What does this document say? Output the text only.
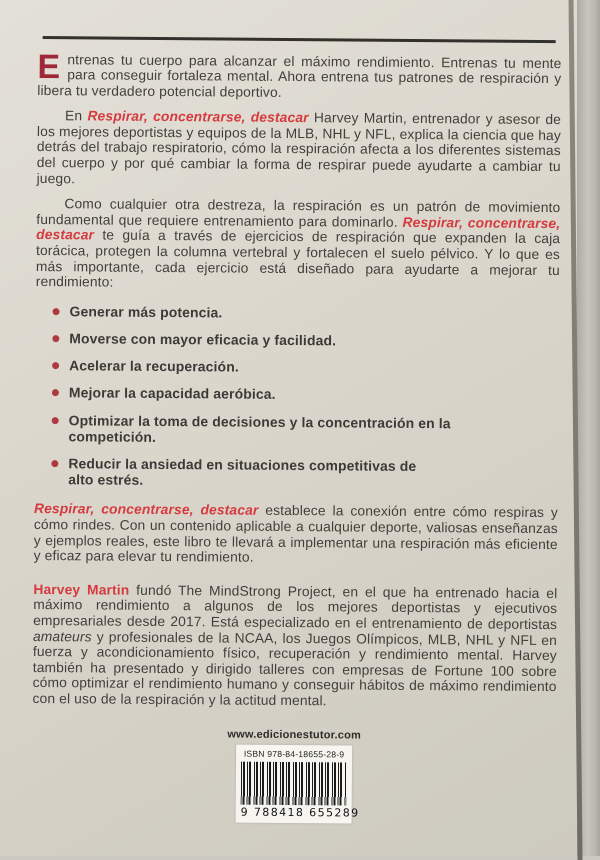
Entrenas tu cuerpo para alcanzar el máximo rendimiento. Entrenas tu mente para conseguir fortaleza mental. Ahora entrena tus patrones de respiración y libera tu verdadero potencial deportivo.

En Respirar, concentrarse, destacar Harvey Martin, entrenador y asesor de los mejores deportistas y equipos de la MLB, NHL y NFL, explica la ciencia que hay detrás del trabajo respiratorio, cómo la respiración afecta a los diferentes sistemas del cuerpo y por qué cambiar la forma de respirar puede ayudarte a cambiar tu juego.

Como cualquier otra destreza, la respiración es un patrón de movimiento fundamental que requiere entrenamiento para dominarlo. Respirar, concentrarse, destacar te guía a través de ejercicios de respiración que expanden la caja torácica, protegen la columna vertebral y fortalecen el suelo pélvico. Y lo que es más importante, cada ejercicio está diseñado para ayudarte a mejorar tu rendimiento:

Generar más potencia.
Moverse con mayor eficacia y facilidad.
Acelerar la recuperación.
Mejorar la capacidad aeróbica.
Optimizar la toma de decisiones y la concentración en la competición.
Reducir la ansiedad en situaciones competitivas de alto estrés.

Respirar, concentrarse, destacar establece la conexión entre cómo respiras y cómo rindes. Con un contenido aplicable a cualquier deporte, valiosas enseñanzas y ejemplos reales, este libro te llevará a implementar una respiración más eficiente y eficaz para elevar tu rendimiento.

Harvey Martin fundó The MindStrong Project, en el que ha entrenado hacia el máximo rendimiento a algunos de los mejores deportistas y ejecutivos empresariales desde 2017. Está especializado en el entrenamiento de deportistas amateurs y profesionales de la NCAA, los Juegos Olímpicos, MLB, NHL y NFL en fuerza y acondicionamiento físico, recuperación y rendimiento mental. Harvey también ha presentado y dirigido talleres con empresas de Fortune 100 sobre cómo optimizar el rendimiento humano y conseguir hábitos de máximo rendimiento con el uso de la respiración y la actitud mental.

www.edicionestutor.com
ISBN 978-84-18655-28-9
9 788418 655289
